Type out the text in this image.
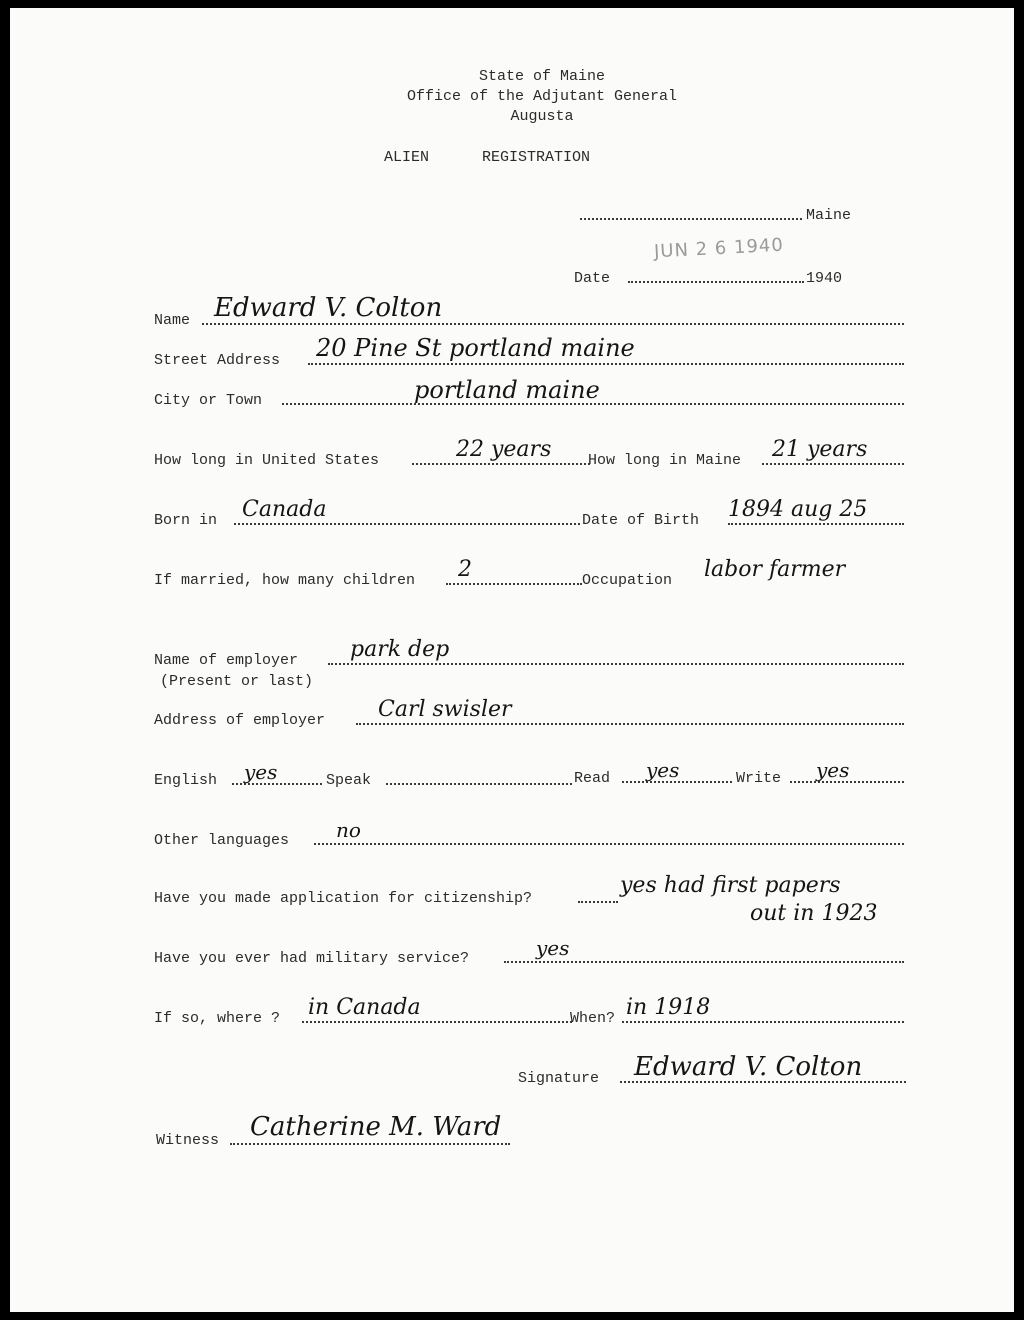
State of Maine
Office of the Adjutant General
Augusta
ALIEN	REGISTRATION
Maine
JUN 2 6 1940
Date	1940
Name Edward V. Colton
Street Address 20 Pine St portland maine
City or Town	portland maine
How long in United States	22 years How long in Maine 21 years
Born in Canada	Date of Birth 1894 aug 25
If married, how many children 2	Occupation labor farmer
Name of employer park dep
(Present or last)
Address of employer Carl swisler
English yes	Speak	Read yes	Write yes
Other languages no
Have you made application for citizenship?
yes had first papers
out in 1923
Have you ever had military service?	yes
If so, where ? in Canada	When? in 1918
Signature Edward V. Colton
Witness Catherine M. Ward
